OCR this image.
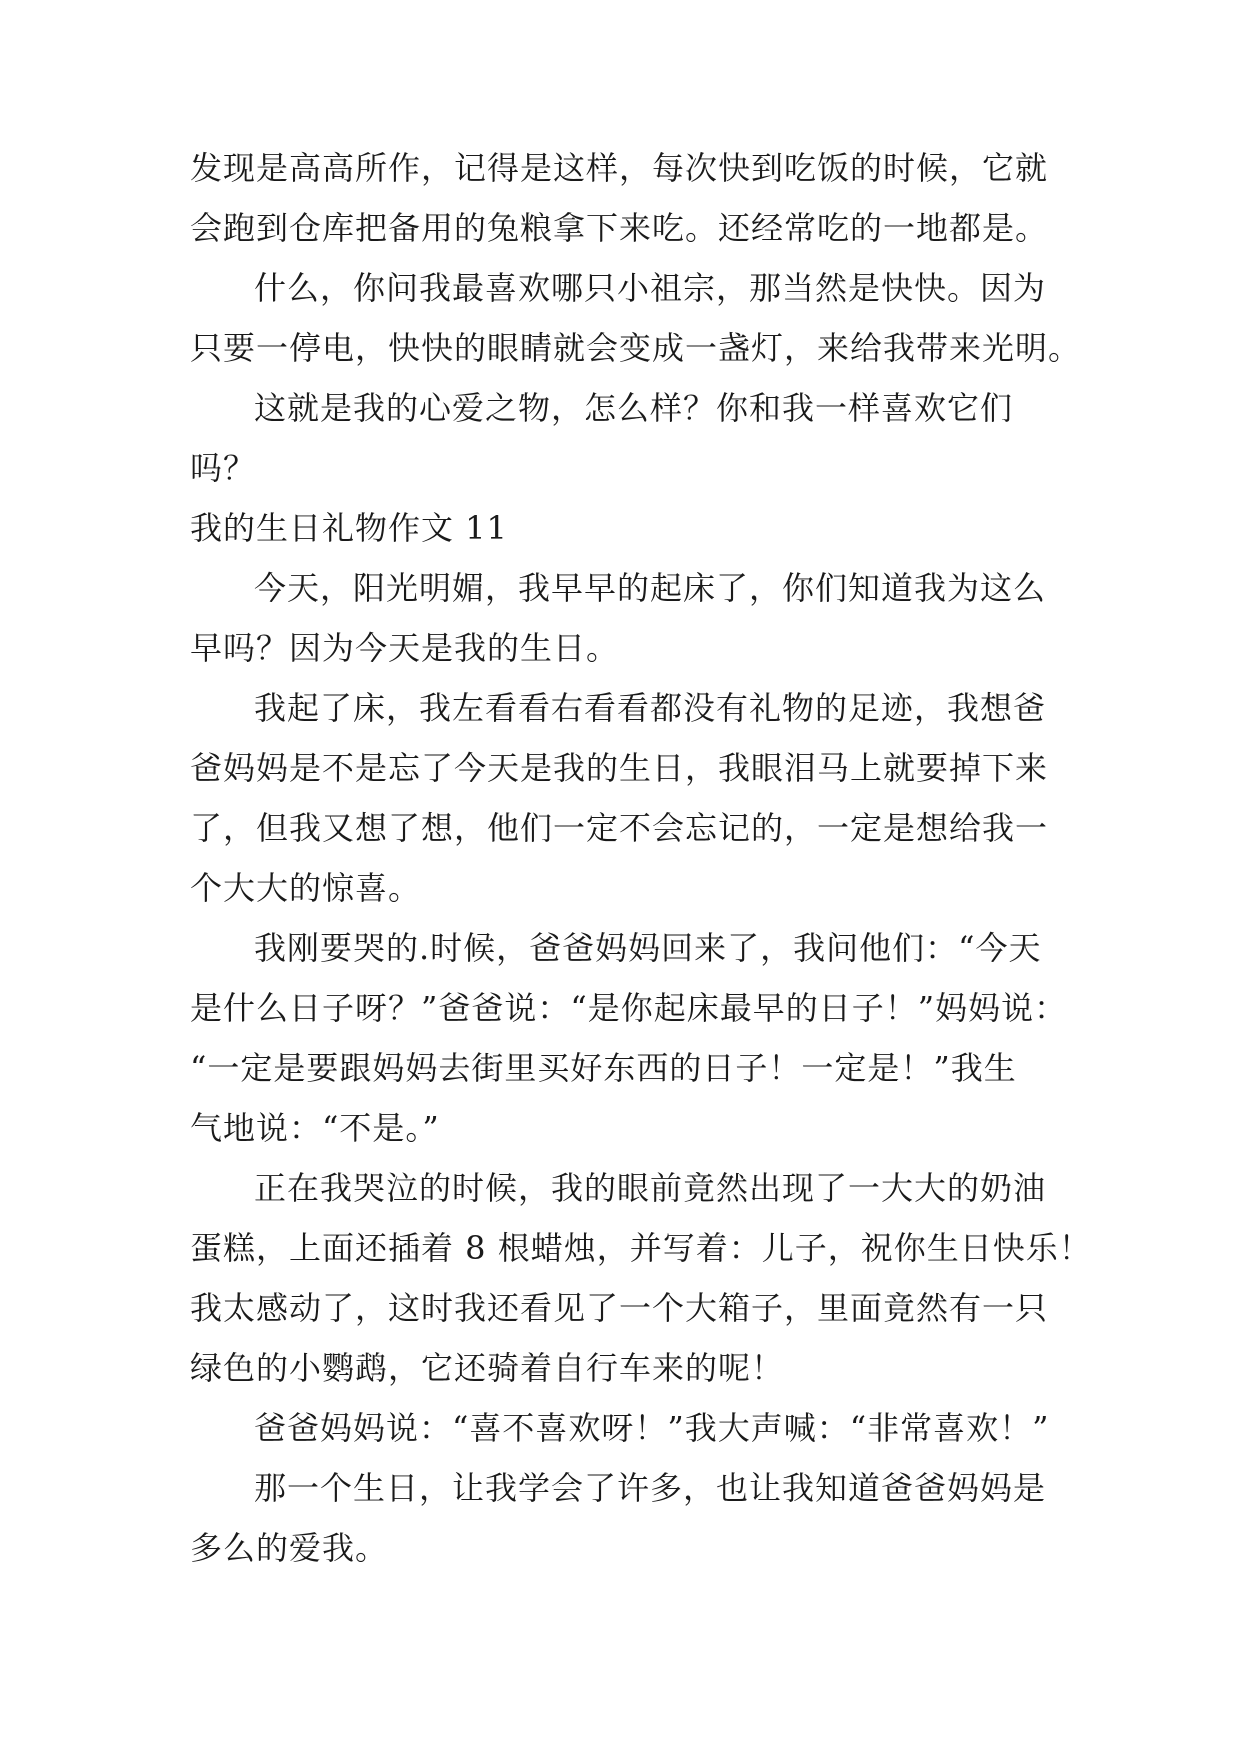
发现是高高所作，记得是这样，每次快到吃饭的时候，它就
会跑到仓库把备用的兔粮拿下来吃。还经常吃的一地都是。
什么，你问我最喜欢哪只小祖宗，那当然是快快。因为
只要一停电，快快的眼睛就会变成一盏灯，来给我带来光明。
这就是我的心爱之物，怎么样？你和我一样喜欢它们
吗？
我的生日礼物作文 11
今天，阳光明媚，我早早的起床了，你们知道我为这么
早吗？因为今天是我的生日。
我起了床，我左看看右看看都没有礼物的足迹，我想爸
爸妈妈是不是忘了今天是我的生日，我眼泪马上就要掉下来
了，但我又想了想，他们一定不会忘记的，一定是想给我一
个大大的惊喜。
我刚要哭的.时候，爸爸妈妈回来了，我问他们：“今天
是什么日子呀？”爸爸说：“是你起床最早的日子！”妈妈说：
“一定是要跟妈妈去街里买好东西的日子！一定是！”我生
气地说：“不是。”
正在我哭泣的时候，我的眼前竟然出现了一大大的奶油
蛋糕，上面还插着 8 根蜡烛，并写着：儿子，祝你生日快乐！
我太感动了，这时我还看见了一个大箱子，里面竟然有一只
绿色的小鹦鹉，它还骑着自行车来的呢！
爸爸妈妈说：“喜不喜欢呀！”我大声喊：“非常喜欢！”
那一个生日，让我学会了许多，也让我知道爸爸妈妈是
多么的爱我。
